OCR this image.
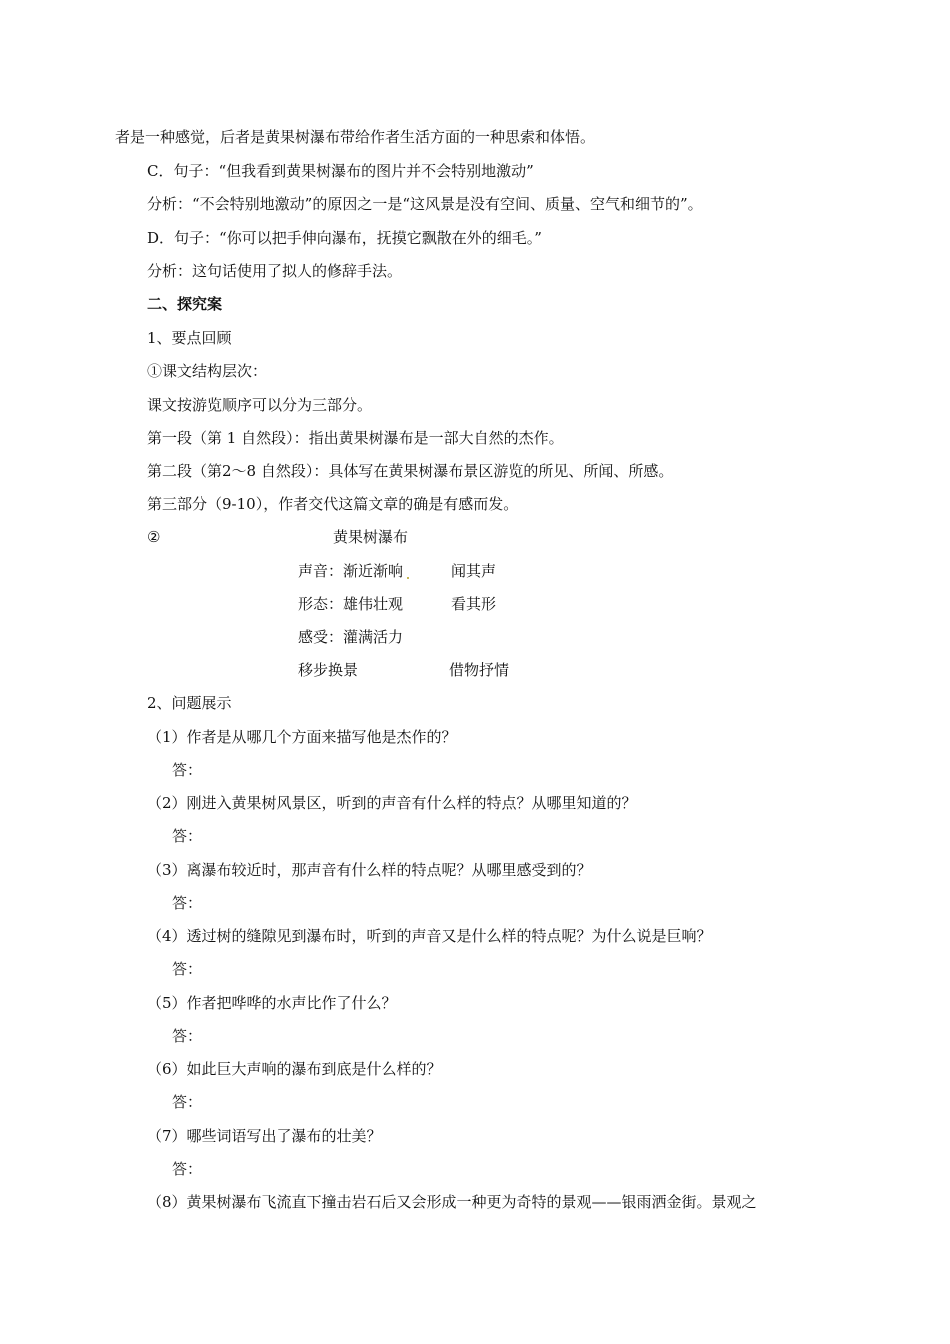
者是一种感觉，后者是黄果树瀑布带给作者生活方面的一种思索和体悟。
C．句子：“但我看到黄果树瀑布的图片并不会特别地激动”
分析：“不会特别地激动”的原因之一是“这风景是没有空间、质量、空气和细节的”。
D．句子：“你可以把手伸向瀑布，抚摸它飘散在外的细毛。”
分析：这句话使用了拟人的修辞手法。
二、探究案
1、要点回顾
①课文结构层次：
课文按游览顺序可以分为三部分。
第一段（第 1 自然段）：指出黄果树瀑布是一部大自然的杰作。
第二段（第2～8 自然段）：具体写在黄果树瀑布景区游览的所见、所闻、所感。
第三部分（9-10），作者交代这篇文章的确是有感而发。
②	黄果树瀑布
声音：渐近渐响	闻其声
形态：雄伟壮观	看其形
感受：灌满活力
移步换景	借物抒情
2、问题展示
（1）作者是从哪几个方面来描写他是杰作的？
答：
（2）刚进入黄果树风景区，听到的声音有什么样的特点？从哪里知道的？
答：
（3）离瀑布较近时，那声音有什么样的特点呢？从哪里感受到的？
答：
（4）透过树的缝隙见到瀑布时，听到的声音又是什么样的特点呢？为什么说是巨响？
答：
（5）作者把哗哗的水声比作了什么？
答：
（6）如此巨大声响的瀑布到底是什么样的？
答：
（7）哪些词语写出了瀑布的壮美？
答：
（8）黄果树瀑布飞流直下撞击岩石后又会形成一种更为奇特的景观——银雨洒金街。景观之
